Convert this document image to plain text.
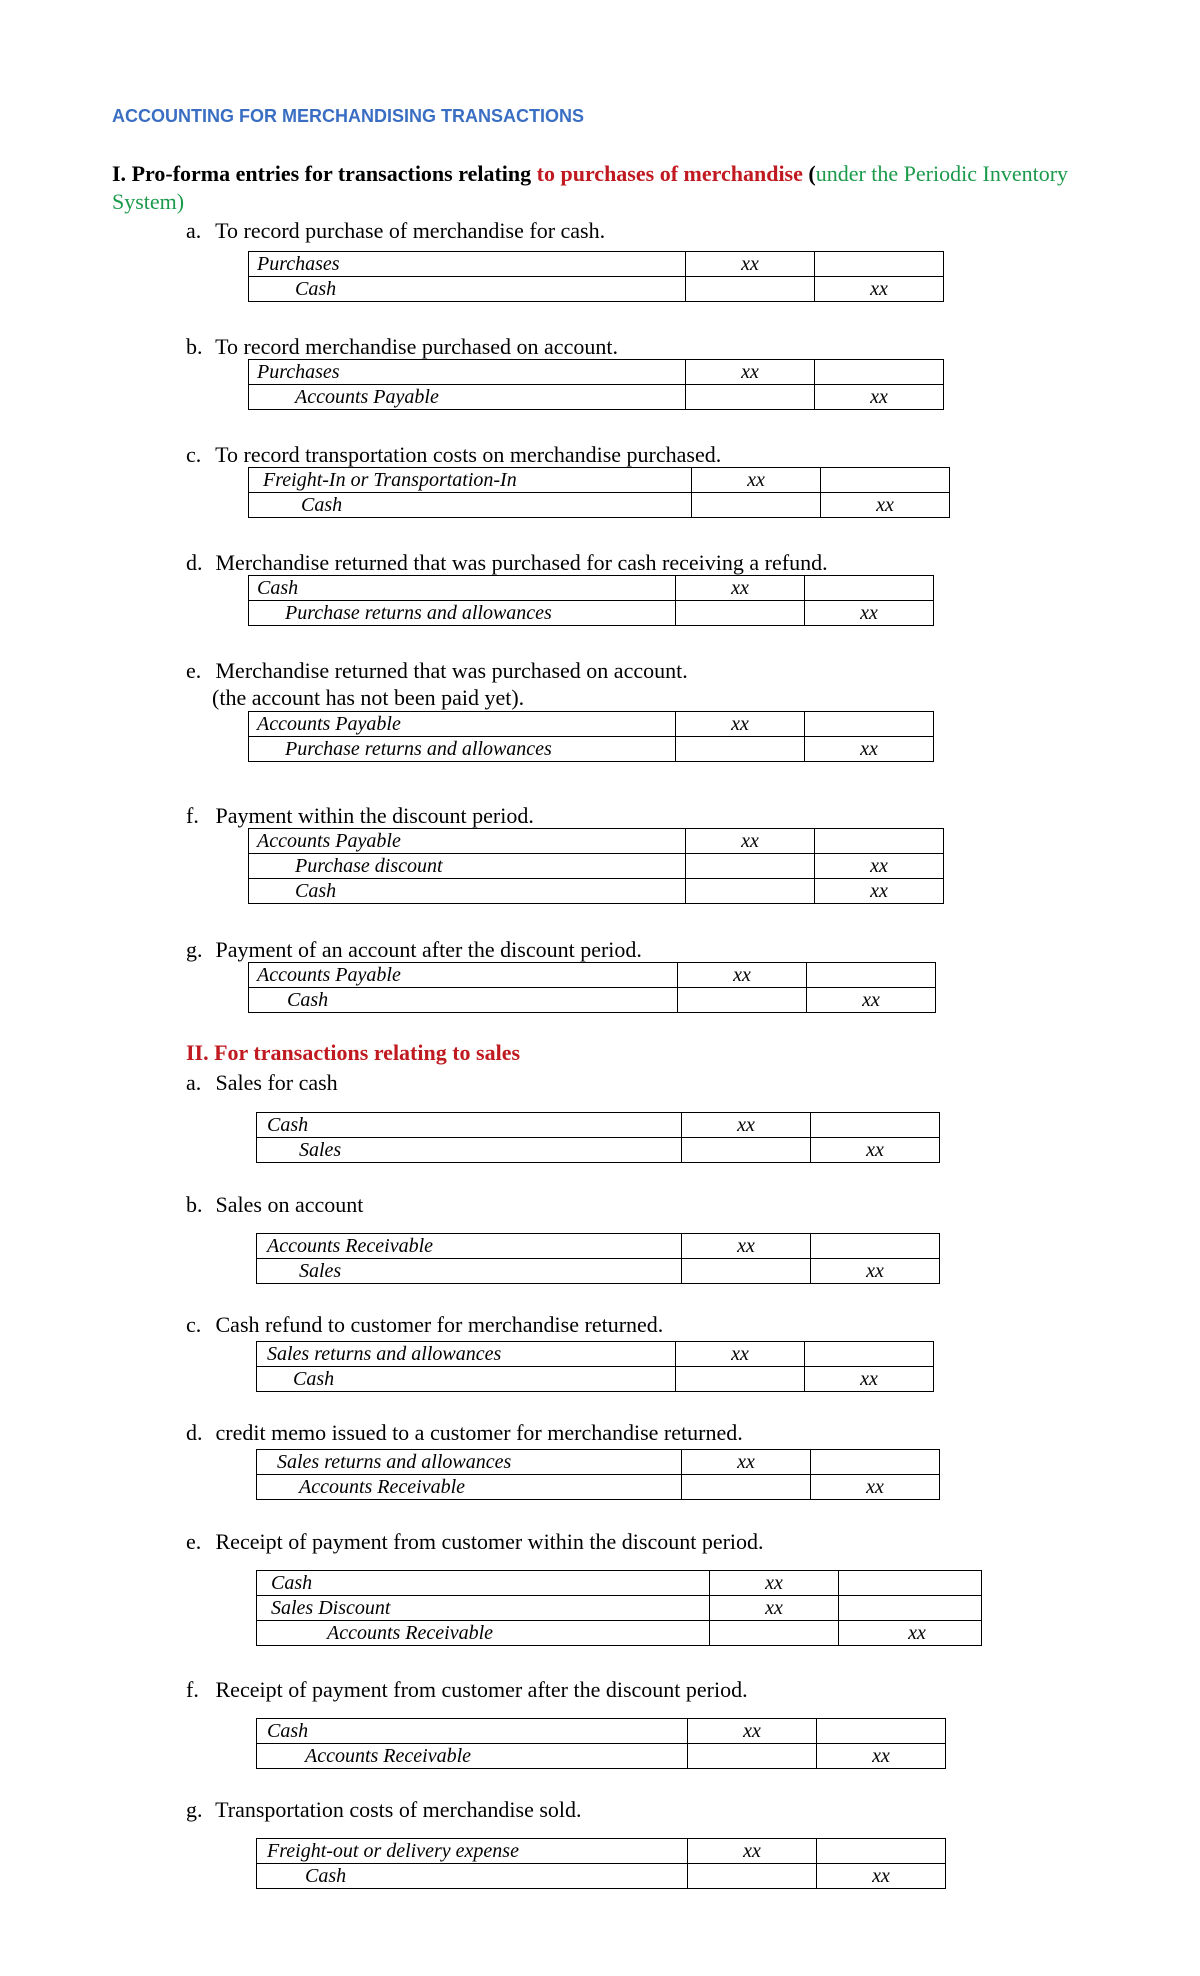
ACCOUNTING FOR MERCHANDISING TRANSACTIONS
I. Pro-forma entries for transactions relating to purchases of merchandise (under the Periodic Inventory System)
II. For transactions relating to sales
a. To record purchase of merchandise for cash.
Purchases	xx	
Cash		xx
b. To record merchandise purchased on account.
Purchases	xx	
Accounts Payable		xx
c. To record transportation costs on merchandise purchased.
Freight-In or Transportation-In	xx	
Cash		xx
d. Merchandise returned that was purchased for cash receiving a refund.
Cash	xx	
Purchase returns and allowances		xx
e. Merchandise returned that was purchased on account.
(the account has not been paid yet).
Accounts Payable	xx	
Purchase returns and allowances		xx
f. Payment within the discount period.
Accounts Payable	xx	
Purchase discount		xx
Cash		xx
g. Payment of an account after the discount period.
Accounts Payable	xx	
Cash		xx
a. Sales for cash
Cash	xx	
Sales		xx
b. Sales on account
Accounts Receivable	xx	
Sales		xx
c. Cash refund to customer for merchandise returned.
Sales returns and allowances	xx	
Cash		xx
d. credit memo issued to a customer for merchandise returned.
Sales returns and allowances	xx	
Accounts Receivable		xx
e. Receipt of payment from customer within the discount period.
Cash	xx	
Sales Discount	xx	
Accounts Receivable		xx
f. Receipt of payment from customer after the discount period.
Cash	xx	
Accounts Receivable		xx
g. Transportation costs of merchandise sold.
Freight-out or delivery expense	xx	
Cash		xx
